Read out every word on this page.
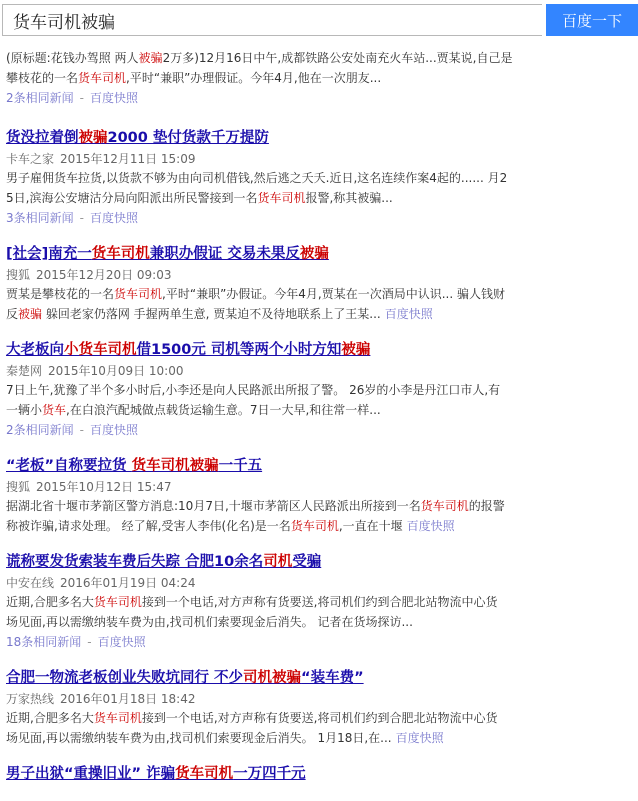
货车司机被骗
百度一下
(原标题:花钱办驾照 两人被骗2万多)12月16日中午,成都铁路公安处南充火车站...贾某说,自己是
攀枝花的一名货车司机,平时“兼职”办理假证。今年4月,他在一次朋友...
2条相同新闻 - 百度快照
货没拉着倒被骗2000 垫付货款千万提防
卡车之家 2015年12月11日 15:09
男子雇佣货车拉货,以货款不够为由向司机借钱,然后逃之夭夭.近日,这名连续作案4起的...... 月2
5日,滨海公安塘沽分局向阳派出所民警接到一名货车司机报警,称其被骗...
3条相同新闻 - 百度快照
[社会]南充一货车司机兼职办假证 交易未果反被骗
搜狐 2015年12月20日 09:03
贾某是攀枝花的一名货车司机,平时“兼职”办假证。今年4月,贾某在一次酒局中认识... 骗人钱财
反被骗 躲回老家仍落网 手握两单生意, 贾某迫不及待地联系上了王某... 百度快照
大老板向小货车司机借1500元 司机等两个小时方知被骗
秦楚网 2015年10月09日 10:00
7日上午,犹豫了半个多小时后,小李还是向人民路派出所报了警。 26岁的小李是丹江口市人,有
一辆小货车,在白浪汽配城做点载货运输生意。7日一大早,和往常一样...
2条相同新闻 - 百度快照
“老板”自称要拉货 货车司机被骗一千五
搜狐 2015年10月12日 15:47
据湖北省十堰市茅箭区警方消息:10月7日,十堰市茅箭区人民路派出所接到一名货车司机的报警
称被诈骗,请求处理。 经了解,受害人李伟(化名)是一名货车司机,一直在十堰 百度快照
谎称要发货索装车费后失踪 合肥10余名司机受骗
中安在线 2016年01月19日 04:24
近期,合肥多名大货车司机接到一个电话,对方声称有货要送,将司机们约到合肥北站物流中心货
场见面,再以需缴纳装车费为由,找司机们索要现金后消失。 记者在货场探访...
18条相同新闻 - 百度快照
合肥一物流老板创业失败坑同行 不少司机被骗“装车费”
万家热线 2016年01月18日 18:42
近期,合肥多名大货车司机接到一个电话,对方声称有货要送,将司机们约到合肥北站物流中心货
场见面,再以需缴纳装车费为由,找司机们索要现金后消失。 1月18日,在... 百度快照
男子出狱“重操旧业” 诈骗货车司机一万四千元
